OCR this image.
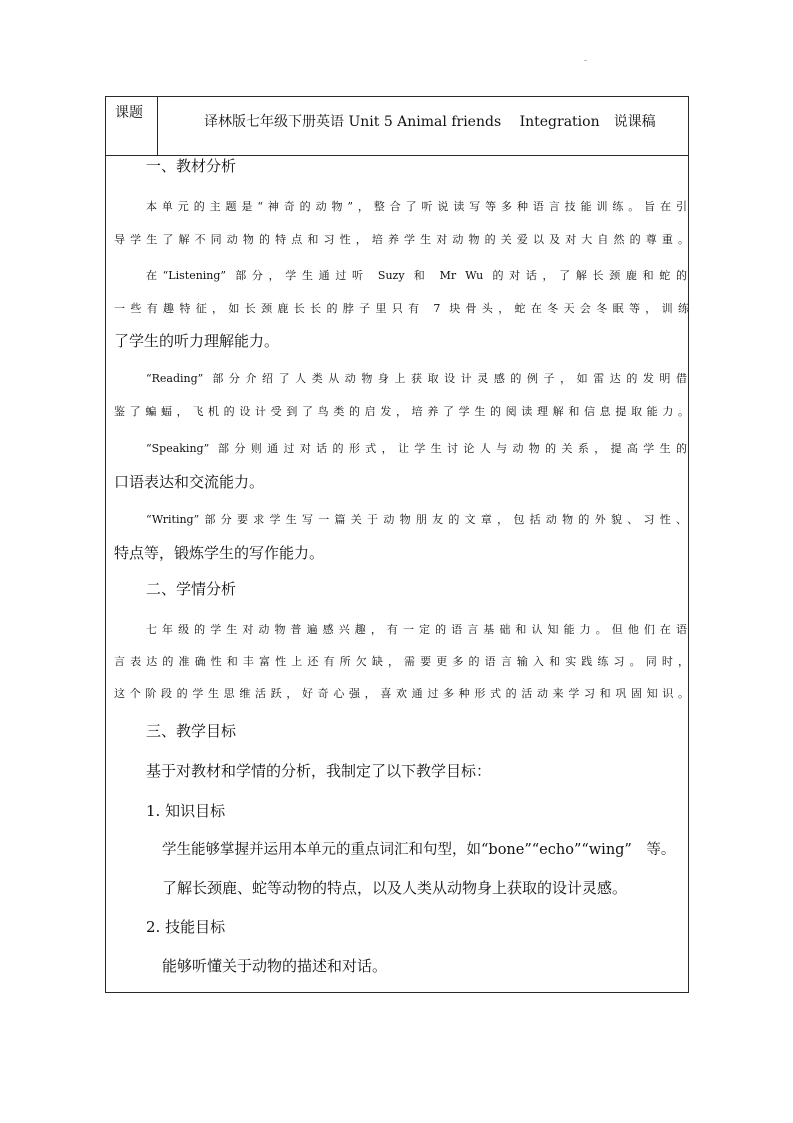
课题
译林版七年级下册英语 Unit 5 Animal friends　 Integration　说课稿
一、教材分析
本单元的主题是“神奇的动物”，整合了听说读写等多种语言技能训练。旨在引
导学生了解不同动物的特点和习性，培养学生对动物的关爱以及对大自然的尊重。
在“Listening” 部分，学生通过听 Suzy 和 Mr Wu 的对话，了解长颈鹿和蛇的
一些有趣特征，如长颈鹿长长的脖子里只有 7 块骨头，蛇在冬天会冬眠等，训练
了学生的听力理解能力。
“Reading” 部分介绍了人类从动物身上获取设计灵感的例子，如雷达的发明借
鉴了蝙蝠，飞机的设计受到了鸟类的启发，培养了学生的阅读理解和信息提取能力。
“Speaking” 部分则通过对话的形式，让学生讨论人与动物的关系，提高学生的
口语表达和交流能力。
“Writing”部分要求学生写一篇关于动物朋友的文章，包括动物的外貌、习性、
特点等，锻炼学生的写作能力。
二、学情分析
七年级的学生对动物普遍感兴趣，有一定的语言基础和认知能力。但他们在语
言表达的准确性和丰富性上还有所欠缺，需要更多的语言输入和实践练习。同时，
这个阶段的学生思维活跃，好奇心强，喜欢通过多种形式的活动来学习和巩固知识。
三、教学目标
基于对教材和学情的分析，我制定了以下教学目标：
1. 知识目标
学生能够掌握并运用本单元的重点词汇和句型，如“bone”“echo”“wing”　等。
了解长颈鹿、蛇等动物的特点，以及人类从动物身上获取的设计灵感。
2. 技能目标
能够听懂关于动物的描述和对话。
